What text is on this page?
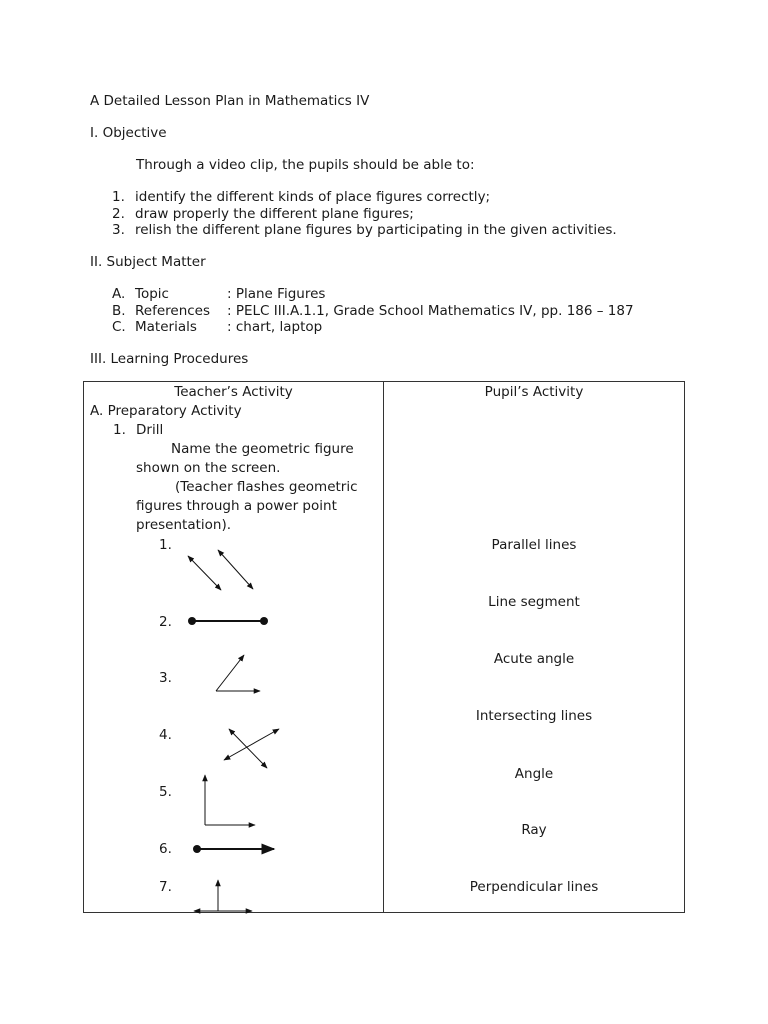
A Detailed Lesson Plan in Mathematics IV
I. Objective
Through a video clip, the pupils should be able to:
1. identify the different kinds of place figures correctly;
2. draw properly the different plane figures;
3. relish the different plane figures by participating in the given activities.
II. Subject Matter
A. Topic	: Plane Figures
B. References : PELC III.A.1.1, Grade School Mathematics IV, pp. 186 – 187
C. Materials : chart, laptop
III. Learning Procedures
Teacher’s Activity	Pupil’s Activity
A. Preparatory Activity
1. Drill
Name the geometric figure
shown on the screen.
(Teacher flashes geometric
figures through a power point
presentation).
1.
2.
3.
4.
5.
6.
7.
Parallel lines
Line segment
Acute angle
Intersecting lines
Angle
Ray
Perpendicular lines
